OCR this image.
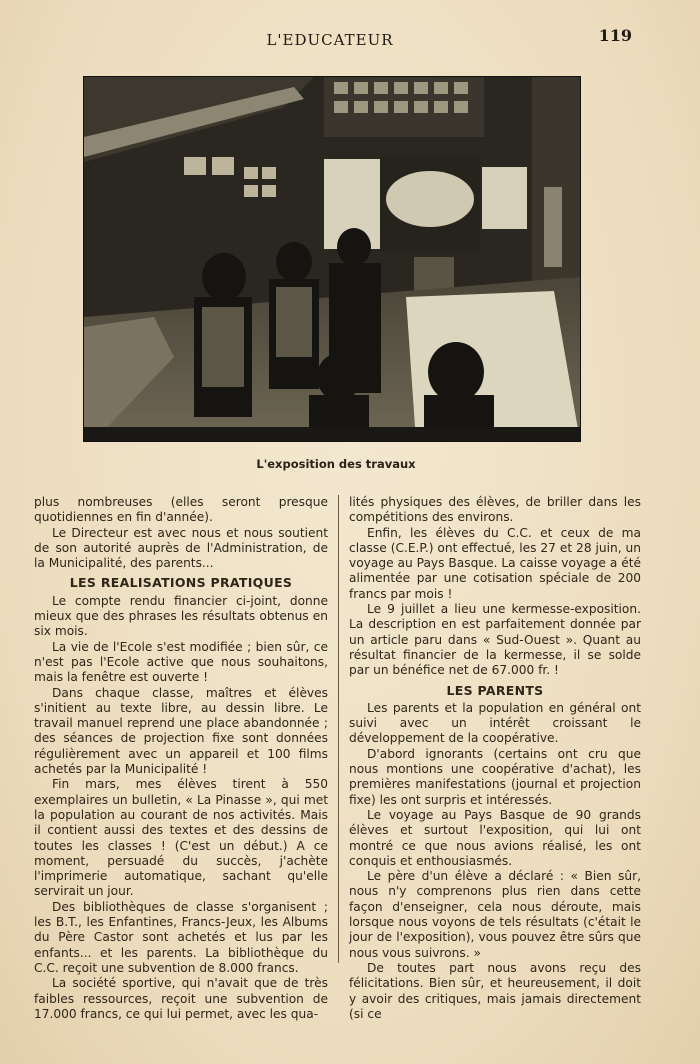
L'EDUCATEUR	119
L'exposition des travaux

plus nombreuses (elles seront presque quotidiennes en fin d'année).

Le Directeur est avec nous et nous soutient de son autorité auprès de l'Administration, de la Municipalité, des parents...

LES REALISATIONS PRATIQUES

Le compte rendu financier ci-joint, donne mieux que des phrases les résultats obtenus en six mois.

La vie de l'Ecole s'est modifiée ; bien sûr, ce n'est pas l'Ecole active que nous souhaitons, mais la fenêtre est ouverte !

Dans chaque classe, maîtres et élèves s'initient au texte libre, au dessin libre. Le travail manuel reprend une place abandonnée ; des séances de projection fixe sont données régulièrement avec un appareil et 100 films achetés par la Municipalité !

Fin mars, mes élèves tirent à 550 exemplaires un bulletin, « La Pinasse », qui met la population au courant de nos activités. Mais il contient aussi des textes et des dessins de toutes les classes ! (C'est un début.) A ce moment, persuadé du succès, j'achète l'imprimerie automatique, sachant qu'elle servirait un jour.

Des bibliothèques de classe s'organisent ; les B.T., les Enfantines, Francs-Jeux, les Albums du Père Castor sont achetés et lus par les enfants... et les parents. La bibliothèque du C.C. reçoit une subvention de 8.000 francs.

La société sportive, qui n'avait que de très faibles ressources, reçoit une subvention de 17.000 francs, ce qui lui permet, avec les qua-

lités physiques des élèves, de briller dans les compétitions des environs.

Enfin, les élèves du C.C. et ceux de ma classe (C.E.P.) ont effectué, les 27 et 28 juin, un voyage au Pays Basque. La caisse voyage a été alimentée par une cotisation spéciale de 200 francs par mois !

Le 9 juillet a lieu une kermesse-exposition. La description en est parfaitement donnée par un article paru dans « Sud-Ouest ». Quant au résultat financier de la kermesse, il se solde par un bénéfice net de 67.000 fr. !

LES PARENTS

Les parents et la population en général ont suivi avec un intérêt croissant le développement de la coopérative.

D'abord ignorants (certains ont cru que nous montions une coopérative d'achat), les premières manifestations (journal et projection fixe) les ont surpris et intéressés.

Le voyage au Pays Basque de 90 grands élèves et surtout l'exposition, qui lui ont montré ce que nous avions réalisé, les ont conquis et enthousiasmés.

Le père d'un élève a déclaré : « Bien sûr, nous n'y comprenons plus rien dans cette façon d'enseigner, cela nous déroute, mais lorsque nous voyons de tels résultats (c'était le jour de l'exposition), vous pouvez être sûrs que nous vous suivrons. »

De toutes part nous avons reçu des félicitations. Bien sûr, et heureusement, il doit y avoir des critiques, mais jamais directement (si ce
